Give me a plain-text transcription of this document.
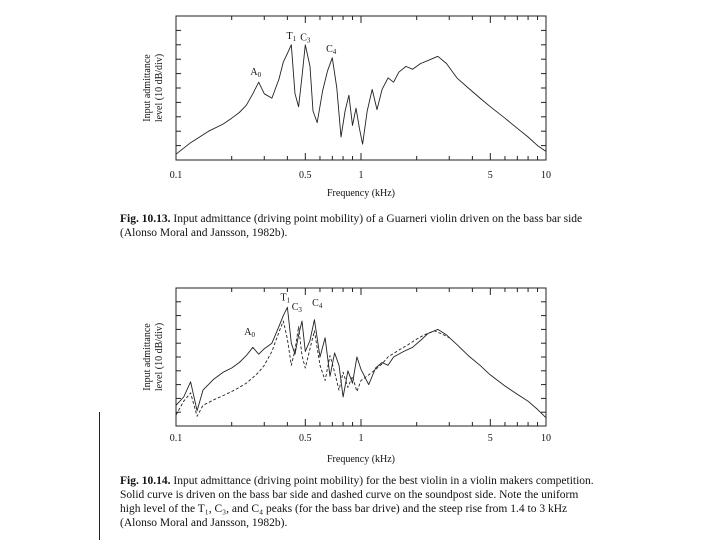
0.1	0.5	1	5	10
Frequency (kHz)
Input admittance level (10 dB/div)	$A_0$
$T_1$ $C_3$
$C_4$
0.1	0.5	1	5	10
Frequency (kHz)
Input admittance level (10 dB/div)	$A_0$
$T_1$
$C_3$
$C_4$
Fig. 10.13. Input admittance (driving point mobility) of a Guarneri violin driven on the bass bar side (Alonso Moral and Jansson, 1982b).
Fig. 10.14. Input admittance (driving point mobility) for the best violin in a violin makers competition. Solid curve is driven on the bass bar side and dashed curve on the soundpost side. Note the uniform high level of the T₁, C₃, and C₄ peaks (for the bass bar drive) and the steep rise from 1.4 to 3 kHz (Alonso Moral and Jansson, 1982b).
